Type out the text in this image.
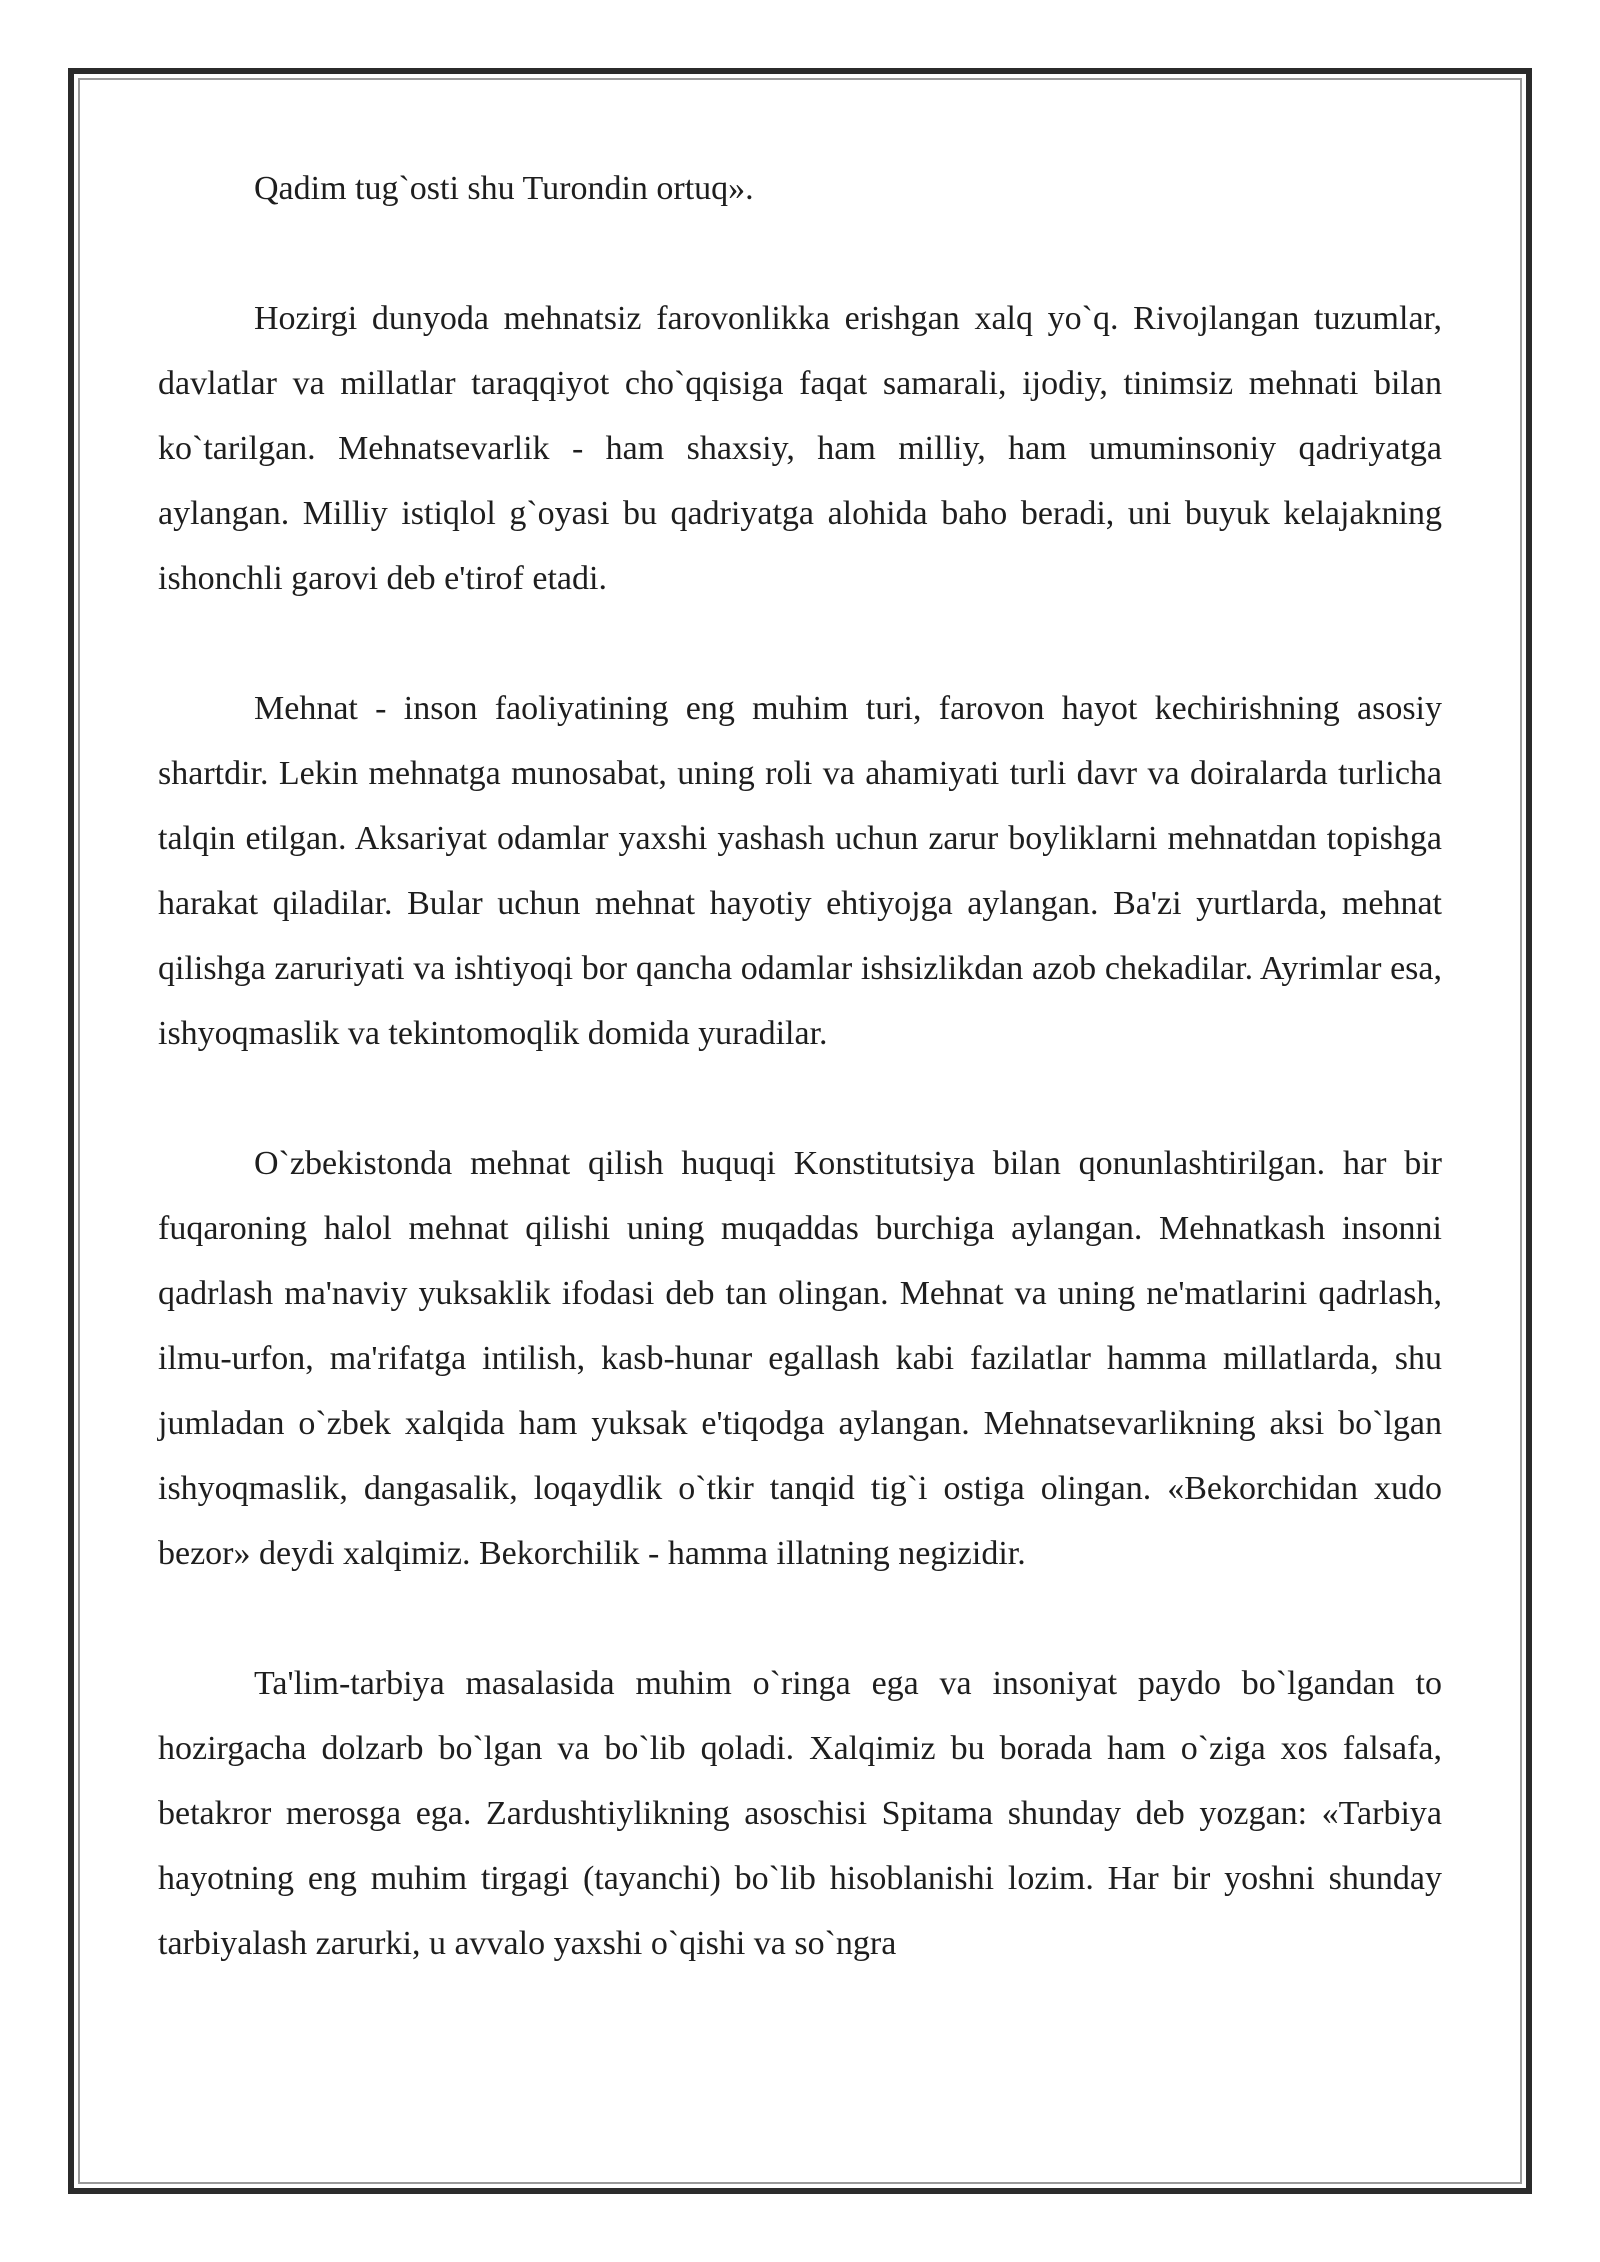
Qadim tug`osti shu Turondin ortuq».

Hozirgi dunyoda mehnatsiz farovonlikka erishgan xalq yo`q. Rivojlangan tuzumlar, davlatlar va millatlar taraqqiyot cho`qqisiga faqat samarali, ijodiy, tinimsiz mehnati bilan ko`tarilgan. Mehnatsevarlik - ham shaxsiy, ham milliy, ham umuminsoniy qadriyatga aylangan. Milliy istiqlol g`oyasi bu qadriyatga alohida baho beradi, uni buyuk kelajakning ishonchli garovi deb e'tirof etadi.

Mehnat - inson faoliyatining eng muhim turi, farovon hayot kechirishning asosiy shartdir. Lekin mehnatga munosabat, uning roli va ahamiyati turli davr va doiralarda turlicha talqin etilgan. Aksariyat odamlar yaxshi yashash uchun zarur boyliklarni mehnatdan topishga harakat qiladilar. Bular uchun mehnat hayotiy ehtiyojga aylangan. Ba'zi yurtlarda, mehnat qilishga zaruriyati va ishtiyoqi bor qancha odamlar ishsizlikdan azob chekadilar. Ayrimlar esa, ishyoqmaslik va tekintomoqlik domida yuradilar.

O`zbekistonda mehnat qilish huquqi Konstitutsiya bilan qonunlashtirilgan. har bir fuqaroning halol mehnat qilishi uning muqaddas burchiga aylangan. Mehnatkash insonni qadrlash ma'naviy yuksaklik ifodasi deb tan olingan. Mehnat va uning ne'matlarini qadrlash, ilmu-urfon, ma'rifatga intilish, kasb-hunar egallash kabi fazilatlar hamma millatlarda, shu jumladan o`zbek xalqida ham yuksak e'tiqodga aylangan. Mehnatsevarlikning aksi bo`lgan ishyoqmaslik, dangasalik, loqaydlik o`tkir tanqid tig`i ostiga olingan. «Bekorchidan xudo bezor» deydi xalqimiz. Bekorchilik - hamma illatning negizidir.

Ta'lim-tarbiya masalasida muhim o`ringa ega va insoniyat paydo bo`lgandan to hozirgacha dolzarb bo`lgan va bo`lib qoladi. Xalqimiz bu borada ham o`ziga xos falsafa, betakror merosga ega. Zardushtiylikning asoschisi Spitama shunday deb yozgan: «Tarbiya hayotning eng muhim tirgagi (tayanchi) bo`lib hisoblanishi lozim. Har bir yoshni shunday tarbiyalash zarurki, u avvalo yaxshi o`qishi va so`ngra
